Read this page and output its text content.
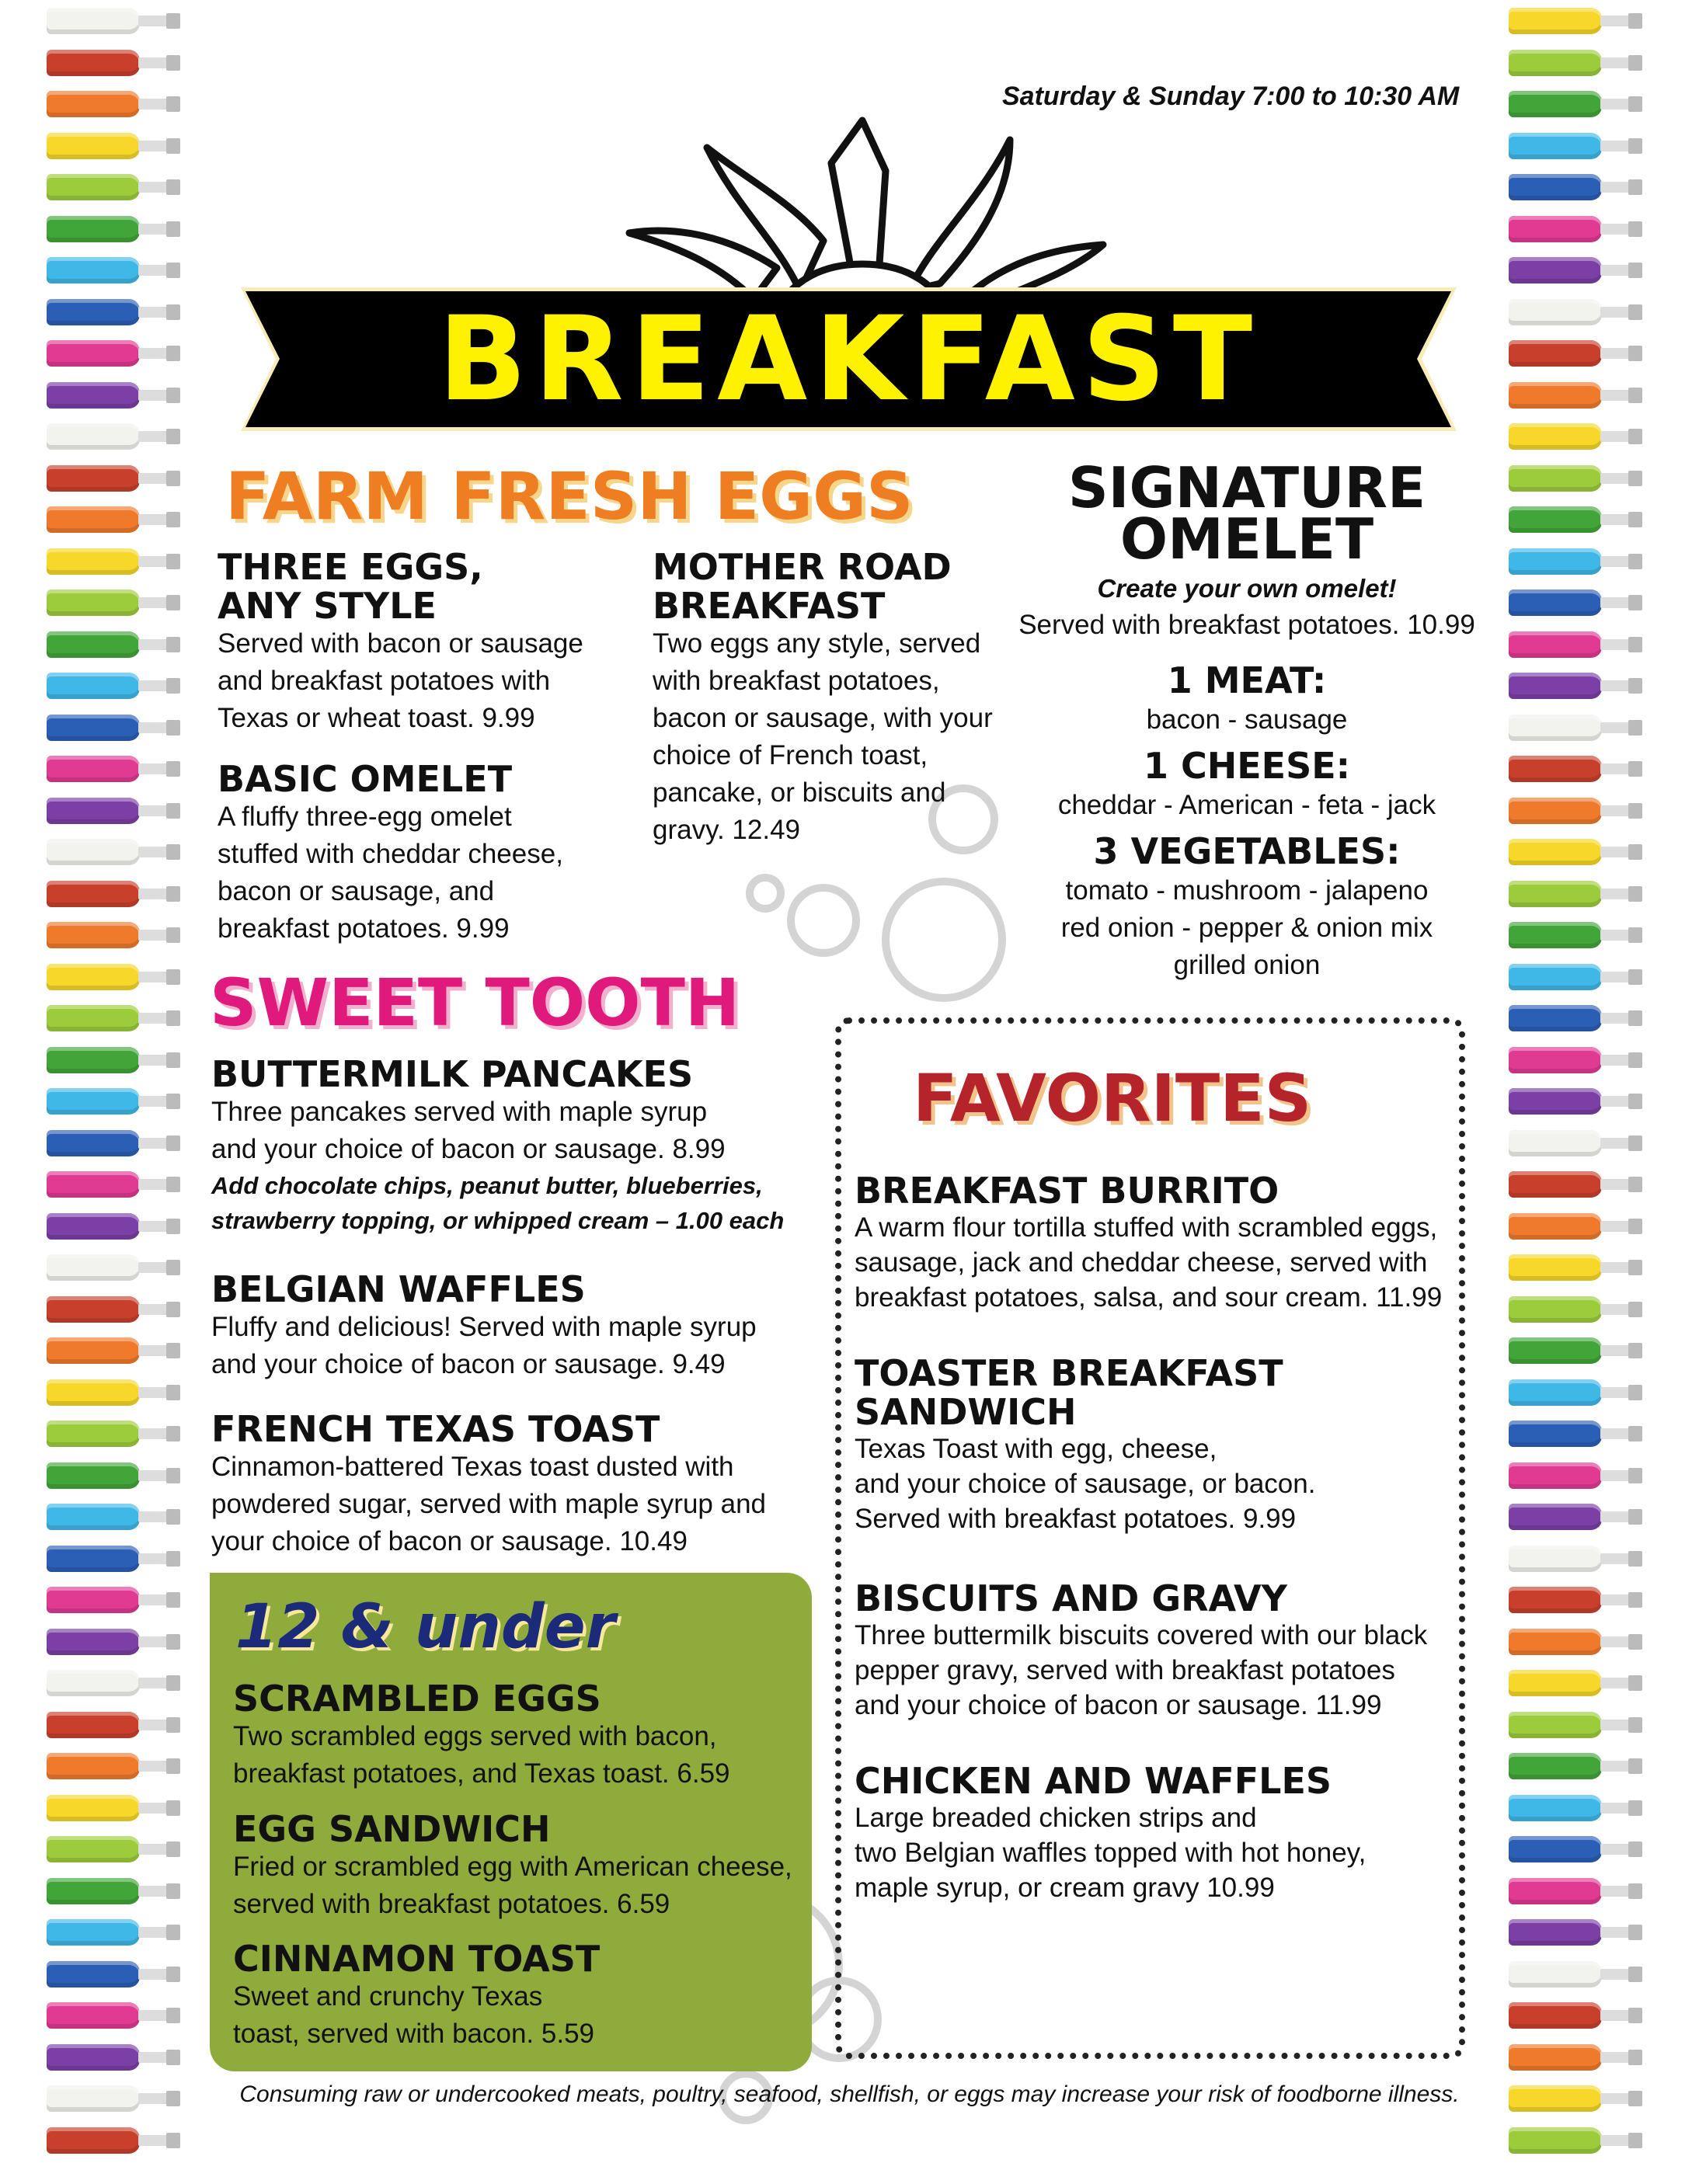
Saturday & Sunday 7:00 to 10:30 AM
BREAKFAST
FARM FRESH EGGS
THREE EGGS,
ANY STYLE
Served with bacon or sausage
and breakfast potatoes with
Texas or wheat toast. 9.99
BASIC OMELET
A fluffy three-egg omelet
stuffed with cheddar cheese,
bacon or sausage, and
breakfast potatoes. 9.99
MOTHER ROAD
BREAKFAST
Two eggs any style, served
with breakfast potatoes,
bacon or sausage, with your
choice of French toast,
pancake, or biscuits and
gravy. 12.49
SIGNATURE
OMELET
Create your own omelet!
Served with breakfast potatoes. 10.99
1 MEAT:
bacon - sausage
1 CHEESE:
cheddar - American - feta - jack
3 VEGETABLES:
tomato - mushroom - jalapeno
red onion - pepper & onion mix
grilled onion
SWEET TOOTH
BUTTERMILK PANCAKES
Three pancakes served with maple syrup
and your choice of bacon or sausage. 8.99
Add chocolate chips, peanut butter, blueberries,
strawberry topping, or whipped cream – 1.00 each
BELGIAN WAFFLES
Fluffy and delicious! Served with maple syrup
and your choice of bacon or sausage. 9.49
FRENCH TEXAS TOAST
Cinnamon-battered Texas toast dusted with
powdered sugar, served with maple syrup and
your choice of bacon or sausage. 10.49
12 & under
SCRAMBLED EGGS
Two scrambled eggs served with bacon,
breakfast potatoes, and Texas toast. 6.59
EGG SANDWICH
Fried or scrambled egg with American cheese,
served with breakfast potatoes. 6.59
CINNAMON TOAST
Sweet and crunchy Texas
toast, served with bacon. 5.59
FAVORITES
BREAKFAST BURRITO
A warm flour tortilla stuffed with scrambled eggs,
sausage, jack and cheddar cheese, served with
breakfast potatoes, salsa, and sour cream. 11.99
TOASTER BREAKFAST
SANDWICH
Texas Toast with egg, cheese,
and your choice of sausage, or bacon.
Served with breakfast potatoes. 9.99
BISCUITS AND GRAVY
Three buttermilk biscuits covered with our black
pepper gravy, served with breakfast potatoes
and your choice of bacon or sausage. 11.99
CHICKEN AND WAFFLES
Large breaded chicken strips and
two Belgian waffles topped with hot honey,
maple syrup, or cream gravy 10.99
Consuming raw or undercooked meats, poultry, seafood, shellfish, or eggs may increase your risk of foodborne illness.
